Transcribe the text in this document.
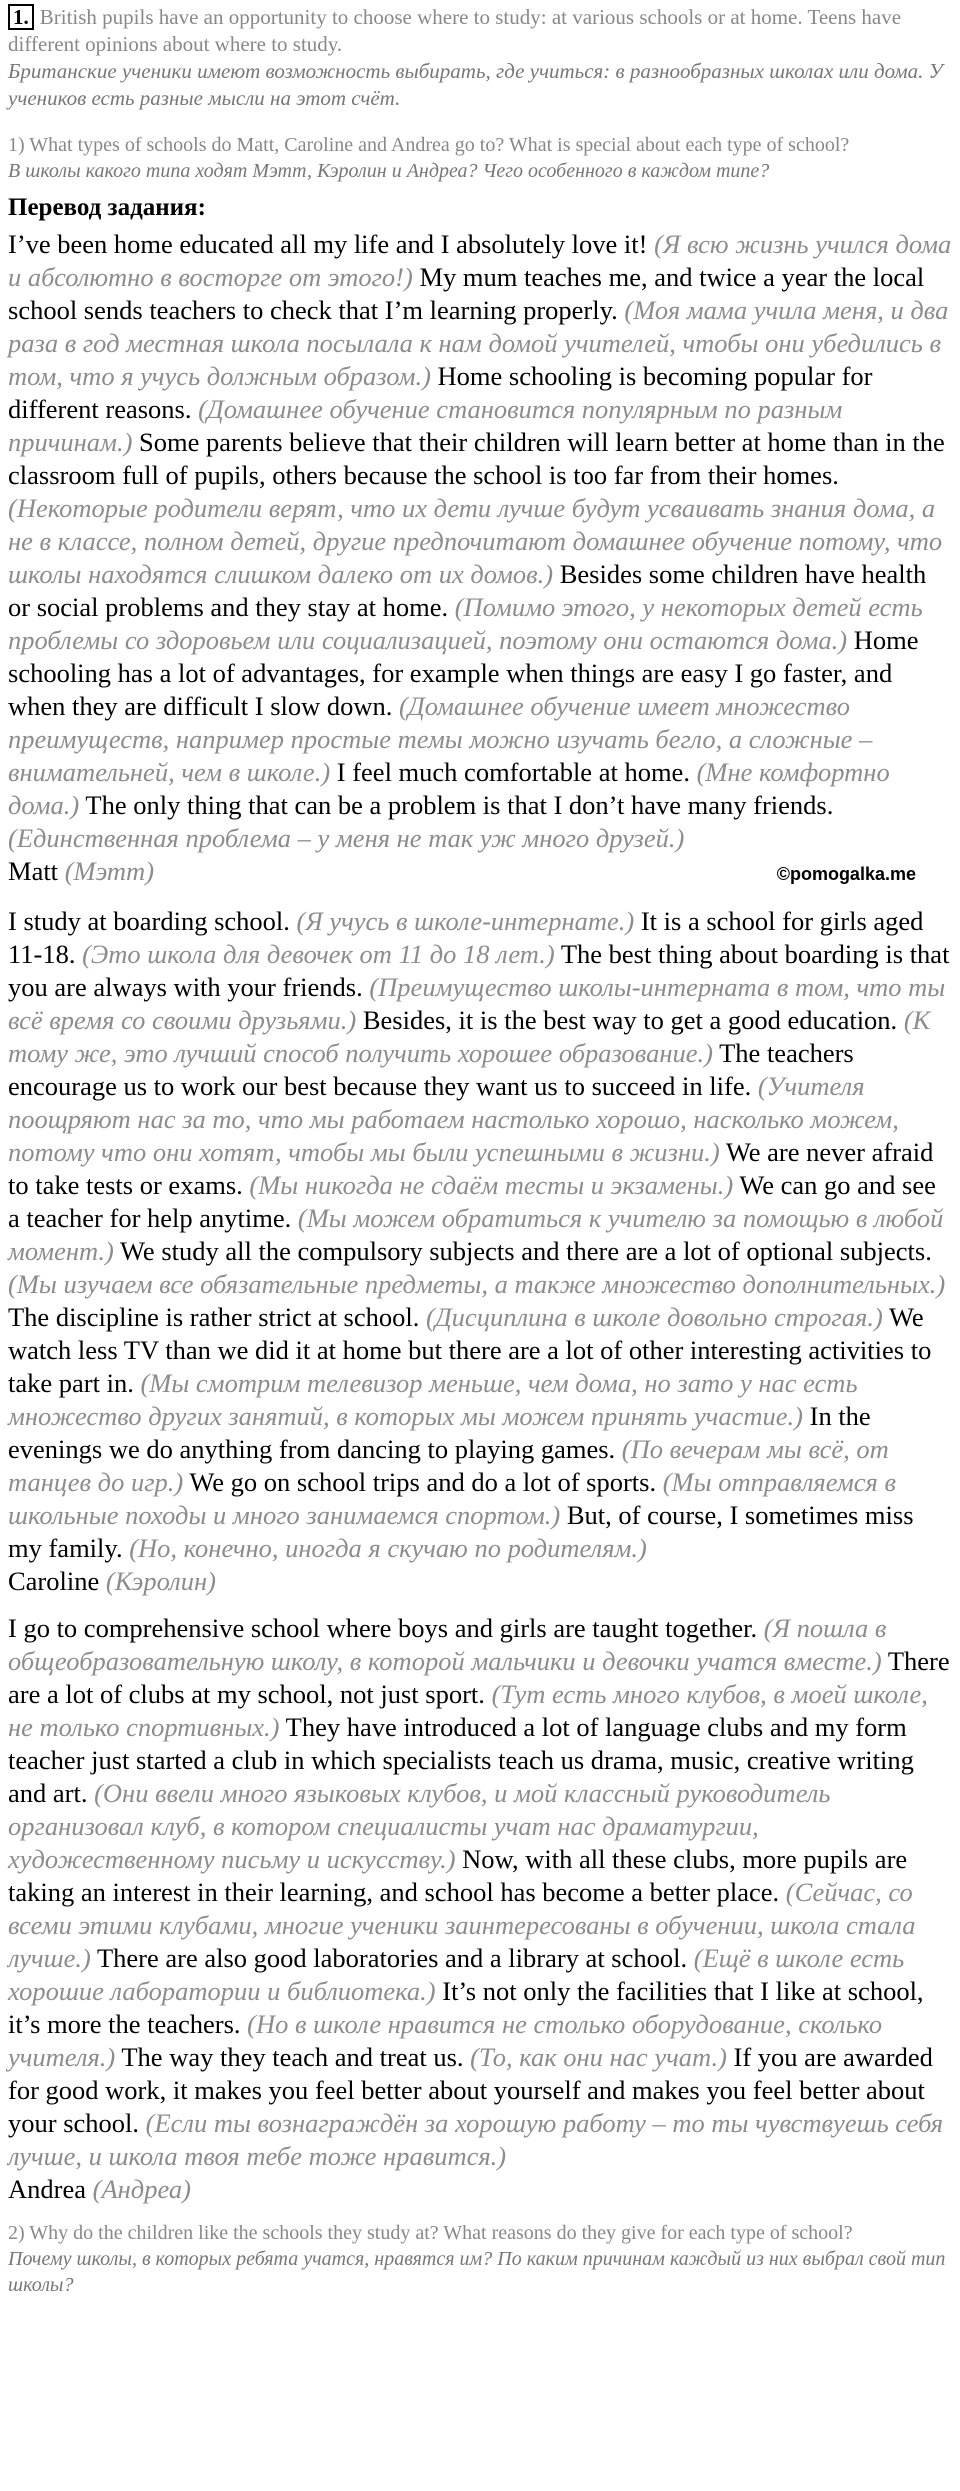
1. British pupils have an opportunity to choose where to study: at various schools or at home. Teens have different opinions about where to study.

Британские ученики имеют возможность выбирать, где учиться: в разнообразных школах или дома. У учеников есть разные мысли на этот счёт.

1) What types of schools do Matt, Caroline and Andrea go to? What is special about each type of school?

В школы какого типа ходят Мэтт, Кэролин и Андреа? Чего особенного в каждом типе?

Перевод задания:

I’ve been home educated all my life and I absolutely love it! (Я всю жизнь учился дома и абсолютно в восторге от этого!) My mum teaches me, and twice a year the local school sends teachers to check that I’m learning properly. (Моя мама учила меня, и два раза в год местная школа посылала к нам домой учителей, чтобы они убедились в том, что я учусь должным образом.) Home schooling is becoming popular for different reasons. (Домашнее обучение становится популярным по разным причинам.) Some parents believe that their children will learn better at home than in the classroom full of pupils, others because the school is too far from their homes. (Некоторые родители верят, что их дети лучше будут усваивать знания дома, а не в классе, полном детей, другие предпочитают домашнее обучение потому, что школы находятся слишком далеко от их домов.) Besides some children have health or social problems and they stay at home. (Помимо этого, у некоторых детей есть проблемы со здоровьем или социализацией, поэтому они остаются дома.) Home schooling has a lot of advantages, for example when things are easy I go faster, and when they are difficult I slow down. (Домашнее обучение имеет множество преимуществ, например простые темы можно изучать бегло, а сложные – внимательней, чем в школе.) I feel much comfortable at home. (Мне комфортно дома.) The only thing that can be a problem is that I don’t have many friends. (Единственная проблема – у меня не так уж много друзей.)

Matt (Мэтт)	©pomogalka.me

I study at boarding school. (Я учусь в школе-интернате.) It is a school for girls aged 11-18. (Это школа для девочек от 11 до 18 лет.) The best thing about boarding is that you are always with your friends. (Преимущество школы-интерната в том, что ты всё время со своими друзьями.) Besides, it is the best way to get a good education. (К тому же, это лучший способ получить хорошее образование.) The teachers encourage us to work our best because they want us to succeed in life. (Учителя поощряют нас за то, что мы работаем настолько хорошо, насколько можем, потому что они хотят, чтобы мы были успешными в жизни.) We are never afraid to take tests or exams. (Мы никогда не сдаём тесты и экзамены.) We can go and see a teacher for help anytime. (Мы можем обратиться к учителю за помощью в любой момент.) We study all the compulsory subjects and there are a lot of optional subjects. (Мы изучаем все обязательные предметы, а также множество дополнительных.) The discipline is rather strict at school. (Дисциплина в школе довольно строгая.) We watch less TV than we did it at home but there are a lot of other interesting activities to take part in. (Мы смотрим телевизор меньше, чем дома, но зато у нас есть множество других занятий, в которых мы можем принять участие.) In the evenings we do anything from dancing to playing games. (По вечерам мы всё, от танцев до игр.) We go on school trips and do a lot of sports. (Мы отправляемся в школьные походы и много занимаемся спортом.) But, of course, I sometimes miss my family. (Но, конечно, иногда я скучаю по родителям.)

Caroline (Кэролин)

I go to comprehensive school where boys and girls are taught together. (Я пошла в общеобразовательную школу, в которой мальчики и девочки учатся вместе.) There are a lot of clubs at my school, not just sport. (Тут есть много клубов, в моей школе, не только спортивных.) They have introduced a lot of language clubs and my form teacher just started a club in which specialists teach us drama, music, creative writing and art. (Они ввели много языковых клубов, и мой классный руководитель организовал клуб, в котором специалисты учат нас драматургии, художественному письму и искусству.) Now, with all these clubs, more pupils are taking an interest in their learning, and school has become a better place. (Сейчас, со всеми этими клубами, многие ученики заинтересованы в обучении, школа стала лучше.) There are also good laboratories and a library at school. (Ещё в школе есть хорошие лаборатории и библиотека.) It’s not only the facilities that I like at school, it’s more the teachers. (Но в школе нравится не столько оборудование, сколько учителя.) The way they teach and treat us. (То, как они нас учат.) If you are awarded for good work, it makes you feel better about yourself and makes you feel better about your school. (Если ты вознаграждён за хорошую работу – то ты чувствуешь себя лучше, и школа твоя тебе тоже нравится.)

Andrea (Андреа)

2) Why do the children like the schools they study at? What reasons do they give for each type of school?

Почему школы, в которых ребята учатся, нравятся им? По каким причинам каждый из них выбрал свой тип школы?
